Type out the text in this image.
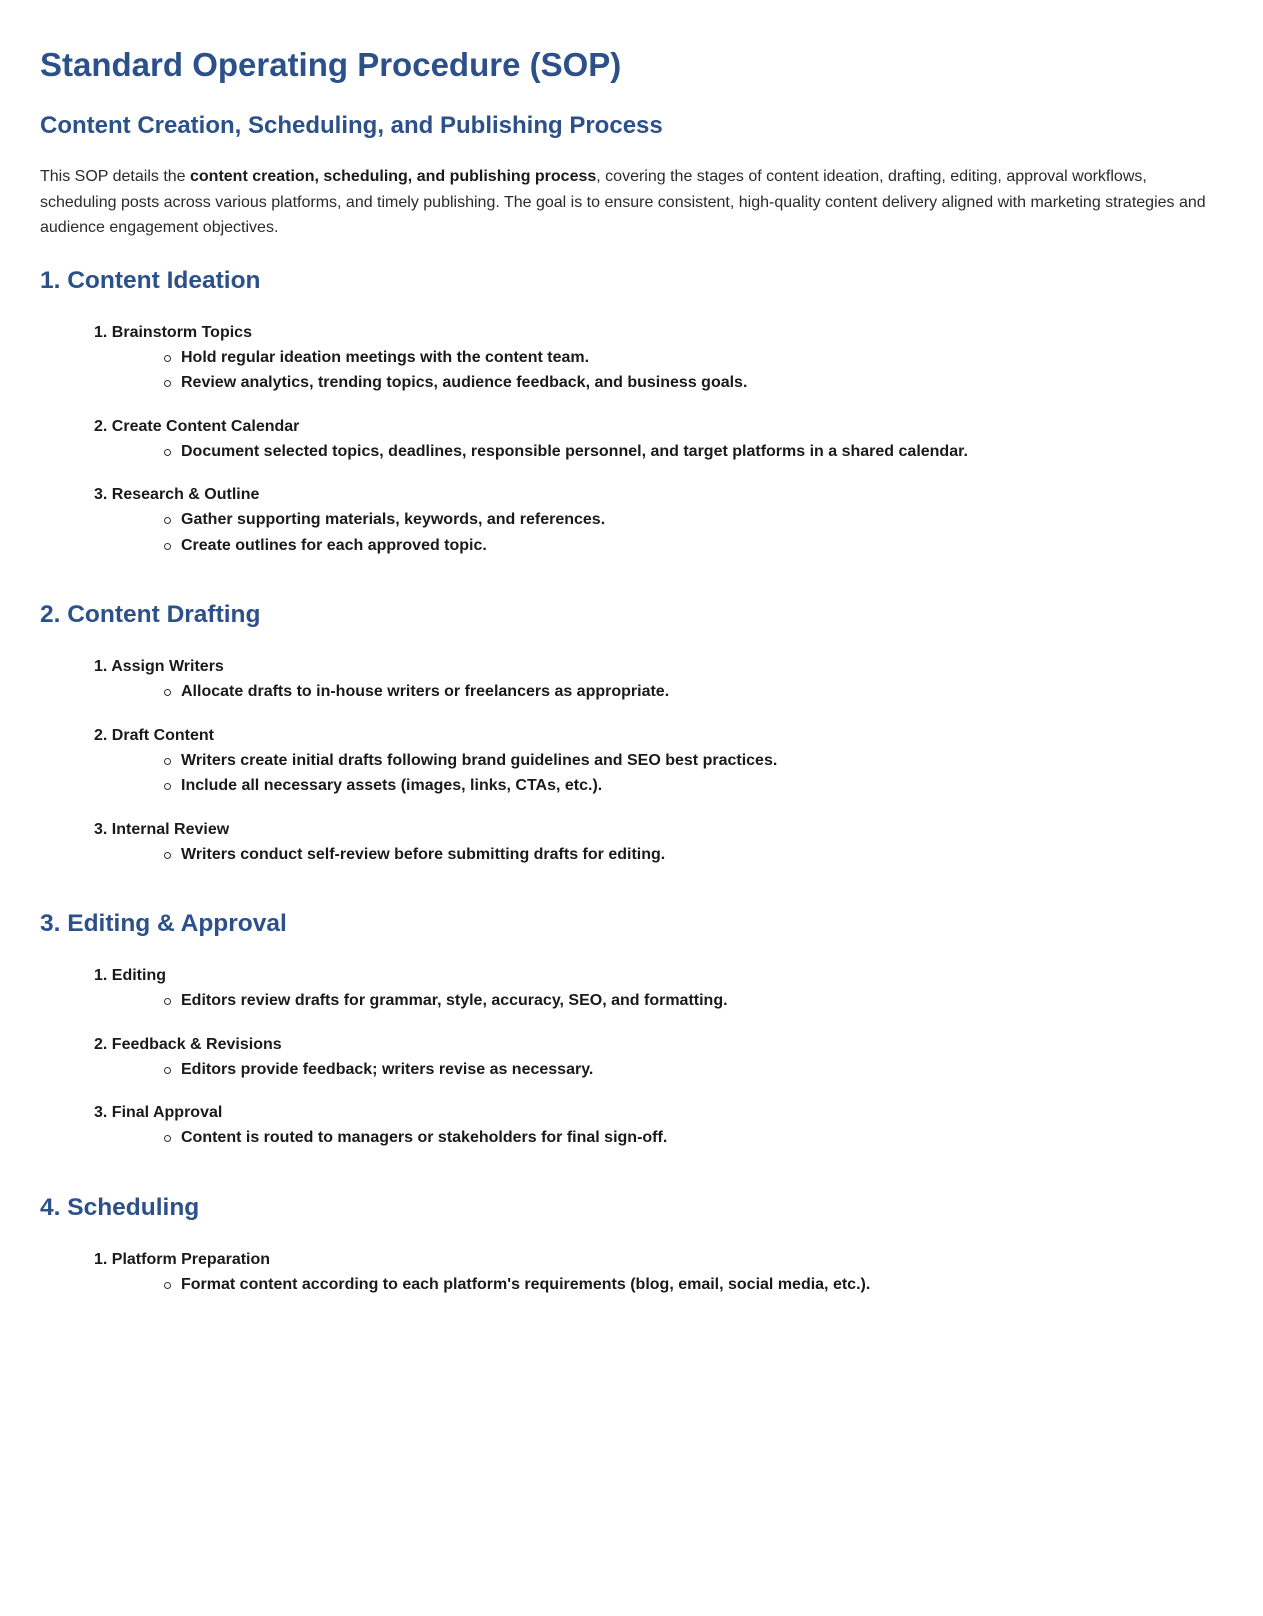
Standard Operating Procedure (SOP)
Content Creation, Scheduling, and Publishing Process

This SOP details the content creation, scheduling, and publishing process, covering the stages of content ideation, drafting, editing, approval workflows, scheduling posts across various platforms, and timely publishing. The goal is to ensure consistent, high-quality content delivery aligned with marketing strategies and audience engagement objectives.

1. Content Ideation
1. Brainstorm Topics
Hold regular ideation meetings with the content team.
Review analytics, trending topics, audience feedback, and business goals.
2. Create Content Calendar
Document selected topics, deadlines, responsible personnel, and target platforms in a shared calendar.
3. Research & Outline
Gather supporting materials, keywords, and references.
Create outlines for each approved topic.
2. Content Drafting
1. Assign Writers
Allocate drafts to in-house writers or freelancers as appropriate.
2. Draft Content
Writers create initial drafts following brand guidelines and SEO best practices.
Include all necessary assets (images, links, CTAs, etc.).
3. Internal Review
Writers conduct self-review before submitting drafts for editing.
3. Editing & Approval
1. Editing
Editors review drafts for grammar, style, accuracy, SEO, and formatting.
2. Feedback & Revisions
Editors provide feedback; writers revise as necessary.
3. Final Approval
Content is routed to managers or stakeholders for final sign-off.
4. Scheduling
1. Platform Preparation
Format content according to each platform's requirements (blog, email, social media, etc.).
